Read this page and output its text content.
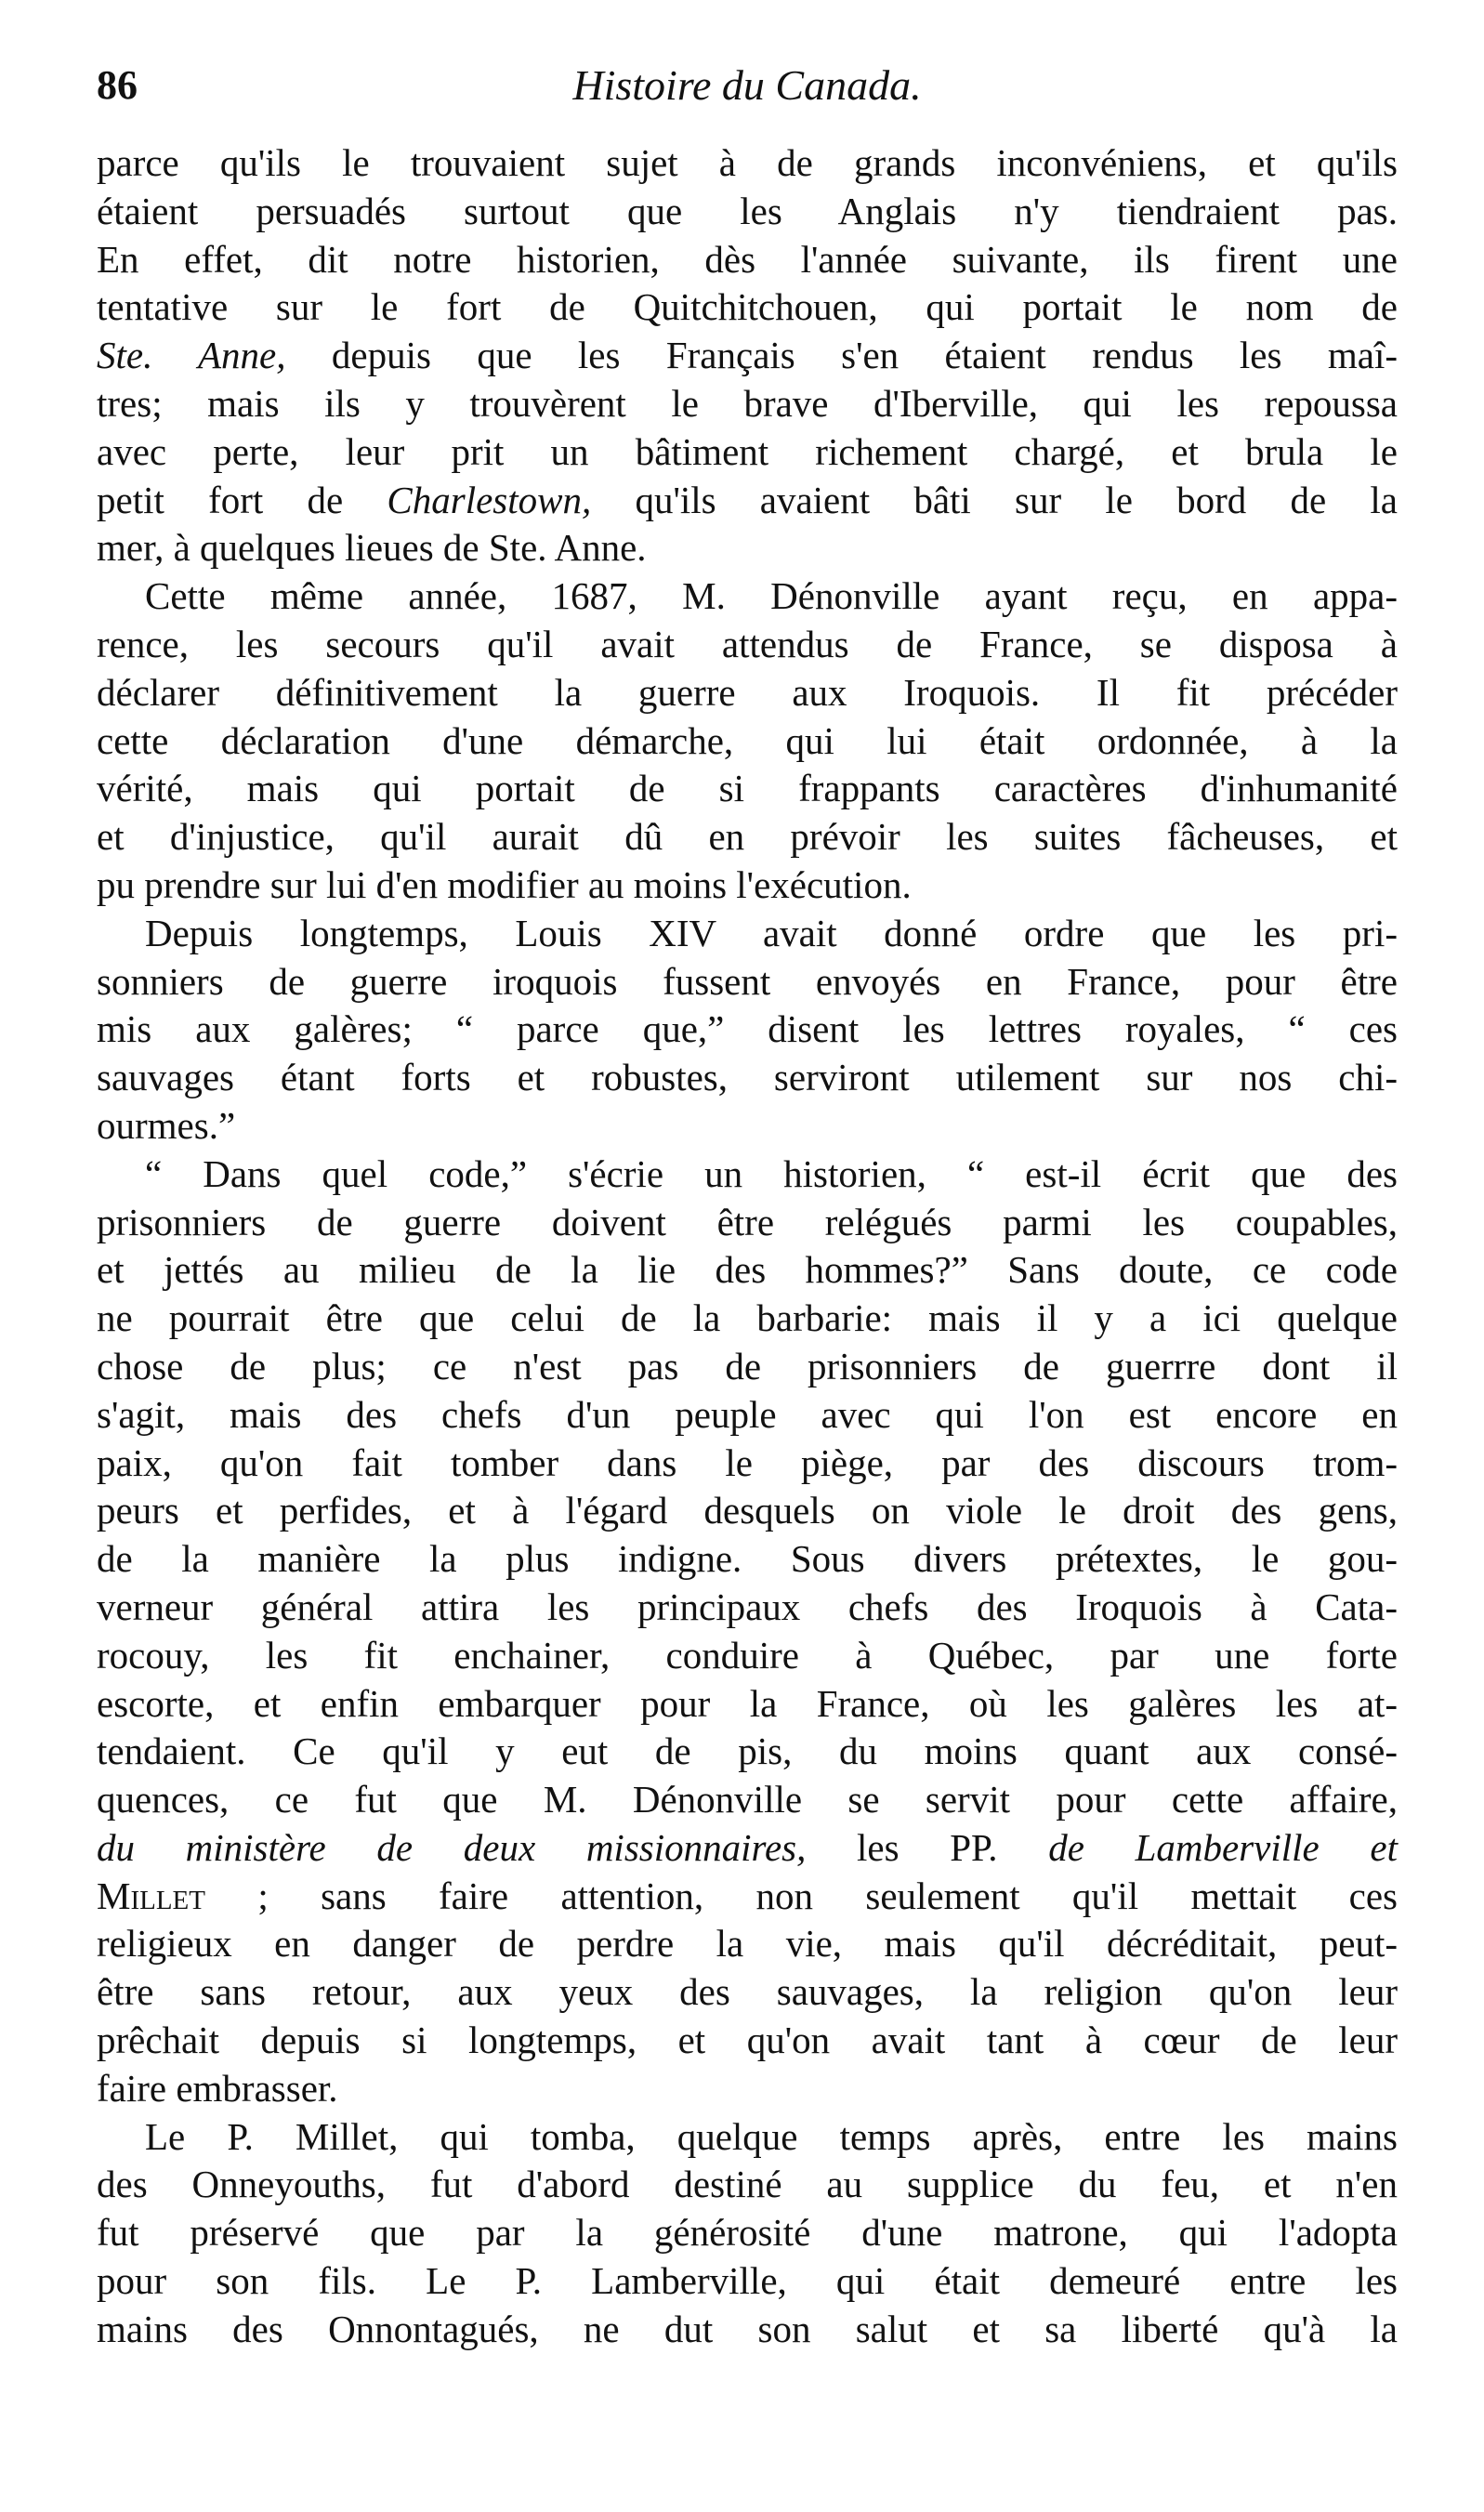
86	Histoire du Canada.
parce qu'ils le trouvaient sujet à de grands inconvéniens, et qu'ils
étaient persuadés surtout que les Anglais n'y tiendraient pas.
En effet, dit notre historien, dès l'année suivante, ils firent une
tentative sur le fort de Quitchitchouen, qui portait le nom de
Ste. Anne, depuis que les Français s'en étaient rendus les maî-
tres; mais ils y trouvèrent le brave d'Iberville, qui les repoussa
avec perte, leur prit un bâtiment richement chargé, et brula le
petit fort de Charlestown, qu'ils avaient bâti sur le bord de la
mer, à quelques lieues de Ste. Anne.
Cette même année, 1687, M. Dénonville ayant reçu, en appa-
rence, les secours qu'il avait attendus de France, se disposa à
déclarer définitivement la guerre aux Iroquois. Il fit précéder
cette déclaration d'une démarche, qui lui était ordonnée, à la
vérité, mais qui portait de si frappants caractères d'inhumanité
et d'injustice, qu'il aurait dû en prévoir les suites fâcheuses, et
pu prendre sur lui d'en modifier au moins l'exécution.
Depuis longtemps, Louis XIV avait donné ordre que les pri-
sonniers de guerre iroquois fussent envoyés en France, pour être
mis aux galères; “ parce que,” disent les lettres royales, “ ces
sauvages étant forts et robustes, serviront utilement sur nos chi-
ourmes.”
“ Dans quel code,” s'écrie un historien, “ est-il écrit que des
prisonniers de guerre doivent être relégués parmi les coupables,
et jettés au milieu de la lie des hommes?” Sans doute, ce code
ne pourrait être que celui de la barbarie: mais il y a ici quelque
chose de plus; ce n'est pas de prisonniers de guerrre dont il
s'agit, mais des chefs d'un peuple avec qui l'on est encore en
paix, qu'on fait tomber dans le piège, par des discours trom-
peurs et perfides, et à l'égard desquels on viole le droit des gens,
de la manière la plus indigne. Sous divers prétextes, le gou-
verneur général attira les principaux chefs des Iroquois à Cata-
rocouy, les fit enchainer, conduire à Québec, par une forte
escorte, et enfin embarquer pour la France, où les galères les at-
tendaient. Ce qu'il y eut de pis, du moins quant aux consé-
quences, ce fut que M. Dénonville se servit pour cette affaire,
du ministère de deux missionnaires, les PP. de Lamberville et
Millet ; sans faire attention, non seulement qu'il mettait ces
religieux en danger de perdre la vie, mais qu'il décréditait, peut-
être sans retour, aux yeux des sauvages, la religion qu'on leur
prêchait depuis si longtemps, et qu'on avait tant à cœur de leur
faire embrasser.
Le P. Millet, qui tomba, quelque temps après, entre les mains
des Onneyouths, fut d'abord destiné au supplice du feu, et n'en
fut préservé que par la générosité d'une matrone, qui l'adopta
pour son fils. Le P. Lamberville, qui était demeuré entre les
mains des Onnontagués, ne dut son salut et sa liberté qu'à la
